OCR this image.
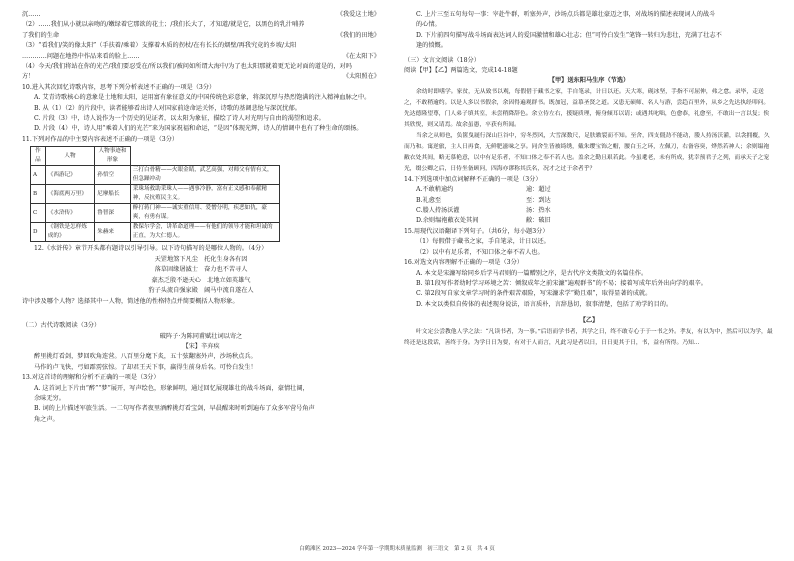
沉……	《我爱这土地》

（2）……我们从小就以亲吻的/嫩绿着它那欲的花土；/我们长大了，才知道/就是它，以黑色的乳汁哺养

了我们的生命	《我们的田地》

（3）“看我们/笑的像太阳”（手扶着/乘着）支撑着木质的拐杖/在有长长的烟壁/再我究竟的乡坡/太阳

…………问题在地热中作品来看的脸上……	《在太阳下》

（4）今天/我们将站在你的光芒/我们要忍受在/所以我们/被问如所谓大海中/为了也太阳那就着更无论对面的道是的，对吗

方！	《太阳照在》

10.进入其次回忆诗歌内容，思考下列分析表述不正确的一项是（3分）

A. 艾青诗歌核心的意象是土地和太阳，运用富有象征意义的中国传统色彩意象，将深沉厚与热烈饱满的注入精神血脉之中。

B. 从（1）（2）的片段中，读者能够看出诗人对国家前途命运关怀，诗歌的基调悲怆与深沉忧郁。

C. 片段（3）中，诗人说作为一个历史的见证者，以太阳为象征，描绘了诗人对光明与自由的渴望和追求。

D. 片段（4）中，诗人用“乘着人们的光芒”来为国家祝福和命运，“是因”体现光辉，诗人的情调中也有了种生命的颂扬。

11.下列对作品的中主要内容表述不正确的一项是（3分）

作品	人物	人物事迹和形象	
A	《西游记》	孙悟空	三打白骨精——火眼金睛，武艺高强，对师父有情有义，但急躁冲动
B	《海底两万里》	尼摩船长	采珠场救助采珠人——遇事冷静，富有正义感和奉献精神，反抗殖民主义。
C	《水浒传》	鲁智深	醉打蒋门神——诚实重信用、爱憎分明，疾恶如仇，豪爽，有勇有谋。
D	《钢铁是怎样炼成的》	朱赫来	教保尔学会，讲革命道理——有他们的领导才能和坦诚的正直，为大仁德人。

12.《水浒传》章节开头都有题诗以引导引导。以下诗句描写的是哪位人物的。（4分）

天罡地煞下凡尘　托化生身各有因

落草固缘屠滅士　奋力也不苦寻人

豪杰乏殷不逊天心　北地立如英雄气

豹子头流自强家殿　阔马中流自遂在人

诗中涉及哪个人物？选择其中一人物，简述他的性格特点并简要概括人物形象。

（二）古代诗歌阅读（3分）

破阵子·为陈同甫赋壮词以寄之

【宋】辛弃疾

醉里挑灯看剑，梦回吹角连营。八百里分麾下炙，五十弦翻塞外声，沙场秋点兵。

马作的卢飞快，弓如霹雳弦惊。了却君王天下事，赢得生前身后名。可怜白发生！

13.对这首诗的理解和分析不正确的一项是（3分）

A. 这首词上下片由“醉”“梦”展开，写声绘色，形象鲜明，通过回忆展现雄壮的战斗场面，豪情壮阔，

余味无穷。

B. 词的上片描述军旅生活。一二句写作者夜里酒醉挑灯看宝剑，早晨醒来时听到遍布了众多军营号角声

角之声。

C. 上片三至五句每句一事：宰赴牛群，听塞外声，沙场点兵都是雄壮豪迈之事，对战场的描述表现词人的战斗

的心情。

D. 下片前四句描写战斗场面表达词人的爱国激情和雄心壮志；但“可怜白发生”笔锋一转归为悲壮，充满了壮志不

逢的愤慨。

（三）文言文阅读（18分）

阅读【甲】【乙】两篇选文，完成14-18题

【甲】送东阳马生序（节选）

余幼时即嗜学。家贫，无从致书以观，每假借于藏书之家，手自笔录，计日以还。天大寒，砚冰坚，手指不可屈伸，弗之怠。录毕，走送之，不敢稍逾约。以是人多以书假余，余因得遍观群书。既加冠，益慕圣贤之道。又患无硕师、名人与游，尝趋百里外，从乡之先达执经叩问。先达德隆望尊，门人弟子填其室，未尝稍降辞色。余立侍左右，援疑质理，俯身倾耳以请；或遇其叱咄，色愈恭，礼愈至，不敢出一言以复；俟其欣悦，则又请焉。故余虽愚，卒获有所闻。

当余之从师也，负箧曳屣行深山巨谷中，穷冬烈风，大雪深数尺，足肤皲裂而不知。至舍，四支僵劲不能动，媵人持汤沃灌，以衾拥覆，久而乃和。寓逆旅，主人日再食，无鲜肥滋味之享。同舍生皆被绮绣，戴朱缨宝饰之帽，腰白玉之环，左佩刀，右备容臭，烨然若神人；余则缊袍敝衣处其间，略无慕艳意，以中有足乐者，不知口体之奉不若人也。盖余之勤且艰若此。今虽耄老，未有所成，犹幸预君子之列，而承天子之宠光，缀公卿之后，日侍坐备顾问，四海亦谬称其氏名，况才之过于余者乎？

14.下列选项中加点词解释不正确的一项是（3分）

A.不敢稍逾约	逾：超过

B.礼愈至	至：到达

C.媵人持汤沃灌	汤：热水

D.余则缊袍敝衣处其间	敝：破旧

15.用现代汉语翻译下列句子。（共6分，每小题3分）

（1）每假借于藏书之家，手自笔录，计日以还。

（2）以中有足乐者，不知口体之奉不若人也。

16.对选文内容理解不正确的一项是（3分）

A. 本文是宋濂写给同乡后学马君则的一篇赠别之序，是古代序文类散文的名篇佳作。

B. 第1段写作者幼时学习环境之苦：倾叙成年之前宋濂“遍观群书”的不易；接着写成年后外出向学的艰辛。

C. 第2段写自家文章学习时的条件艰苦艰险，写宋濂求学“勤且艰”，取得显著的成就。

D. 本文以类似自传体的表述现身说法，语言质朴，言辞恳切，叙事清楚，包括了劝学的目的。

【乙】

叶文定公尝教他人学之法：“凡读书者，为一事。”后语而学书者，其学之日，终不敢专心于于一书之外。孝友，有以为中，然后可以为学，最终还是这段话，善终于身。为学日日为要，有对于人而言，凡此习是者以日，日日更其于日，书，益有所得。乃知...

白鹤滩区 2023—2024 学年第一学期期末质量监测　初三语文　第 2 页　共 4 页
